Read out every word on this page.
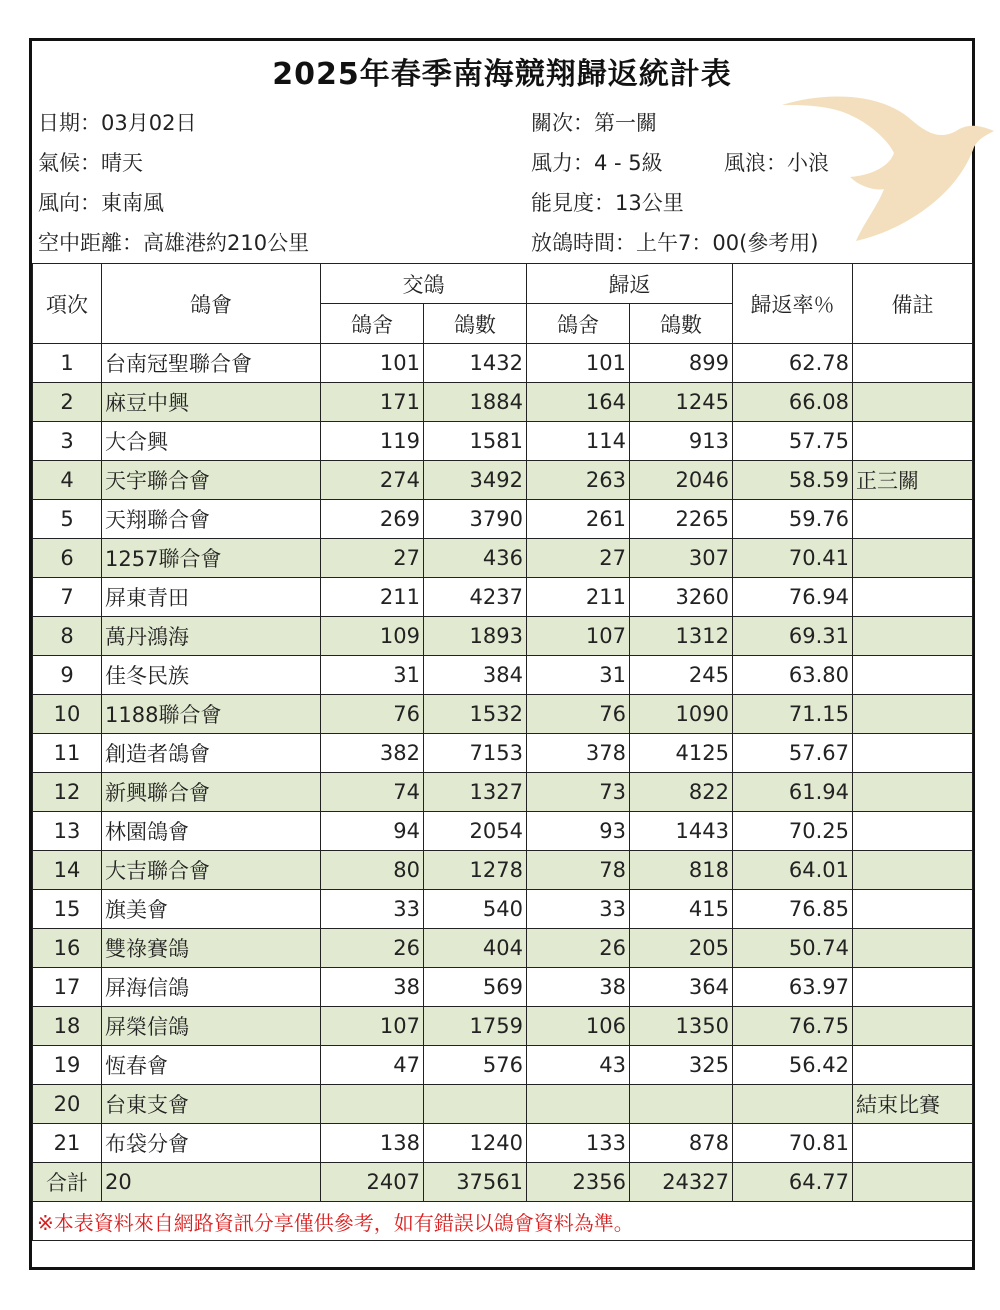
2025年春季南海競翔歸返統計表
日期：03月02日
氣候：晴天
風向：東南風
空中距離：高雄港約210公里
關次：第一關
風力：4 - 5級	風浪：小浪
能見度：13公里
放鴿時間：上午7：00(參考用)
項次	鴿會	交鴿		歸返		歸返率％	備註
		鴿舍	鴿數	鴿舍	鴿數		
1	台南冠聖聯合會	101	1432	101	899	62.78	
2	麻豆中興	171	1884	164	1245	66.08	
3	大合興	119	1581	114	913	57.75	
4	天宇聯合會	274	3492	263	2046	58.59	正三關
5	天翔聯合會	269	3790	261	2265	59.76	
6	1257聯合會	27	436	27	307	70.41	
7	屏東青田	211	4237	211	3260	76.94	
8	萬丹鴻海	109	1893	107	1312	69.31	
9	佳冬民族	31	384	31	245	63.80	
10	1188聯合會	76	1532	76	1090	71.15	
11	創造者鴿會	382	7153	378	4125	57.67	
12	新興聯合會	74	1327	73	822	61.94	
13	林園鴿會	94	2054	93	1443	70.25	
14	大吉聯合會	80	1278	78	818	64.01	
15	旗美會	33	540	33	415	76.85	
16	雙祿賽鴿	26	404	26	205	50.74	
17	屏海信鴿	38	569	38	364	63.97	
18	屏榮信鴿	107	1759	106	1350	76.75	
19	恆春會	47	576	43	325	56.42	
20	台東支會						結束比賽
21	布袋分會	138	1240	133	878	70.81	
合計	20	2407	37561	2356	24327	64.77	
※本表資料來自網路資訊分享僅供參考，如有錯誤以鴿會資料為準。							
